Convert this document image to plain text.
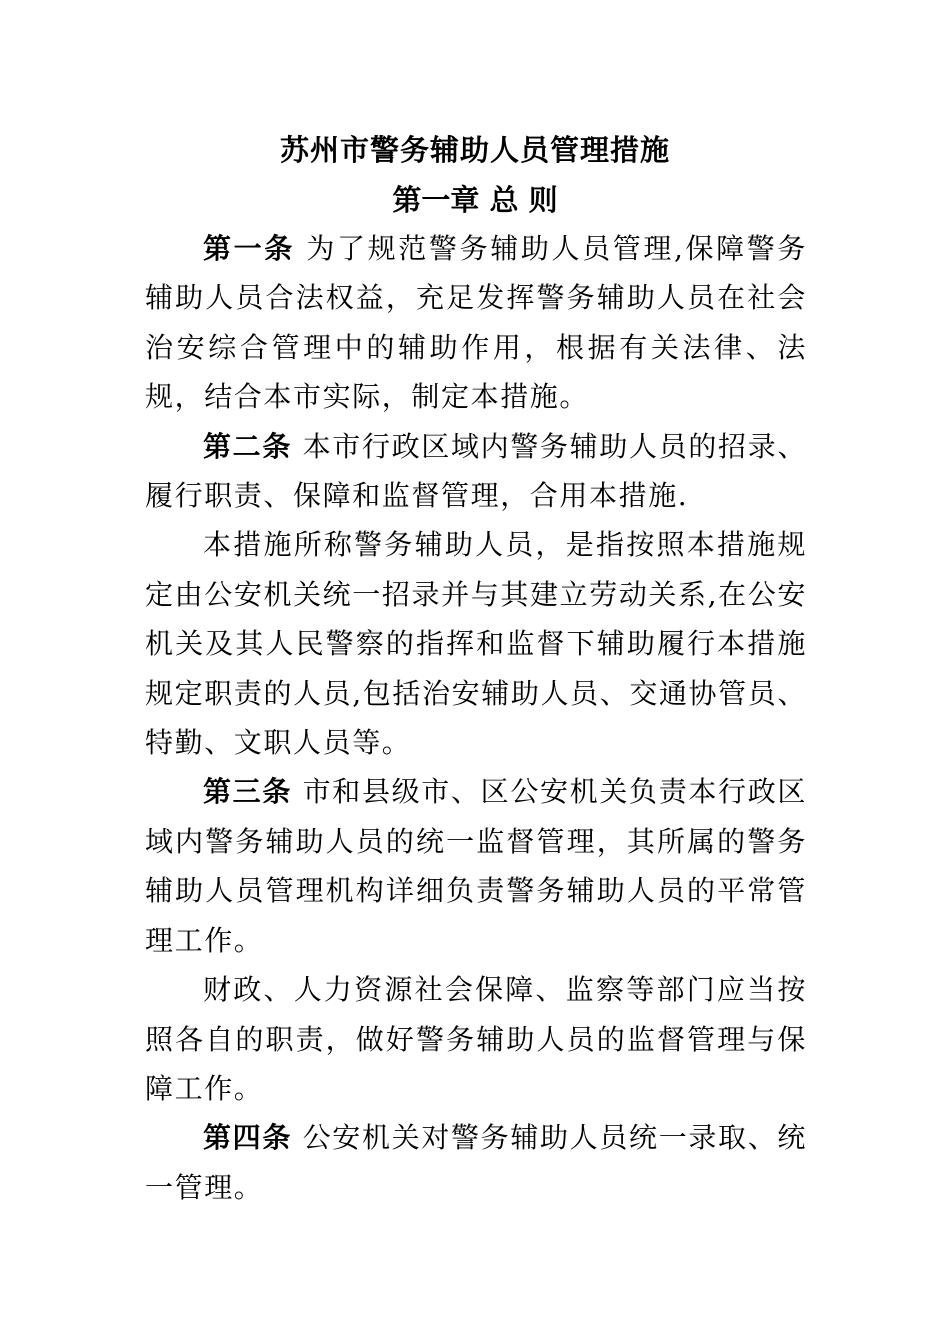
苏州市警务辅助人员管理措施
第一章 总 则

第一条 为了规范警务辅助人员管理,保障警务辅助人员合法权益，充足发挥警务辅助人员在社会治安综合管理中的辅助作用，根据有关法律、法规，结合本市实际，制定本措施。

第二条 本市行政区域内警务辅助人员的招录、履行职责、保障和监督管理，合用本措施.

本措施所称警务辅助人员，是指按照本措施规定由公安机关统一招录并与其建立劳动关系,在公安机关及其人民警察的指挥和监督下辅助履行本措施规定职责的人员,包括治安辅助人员、交通协管员、特勤、文职人员等。

第三条 市和县级市、区公安机关负责本行政区域内警务辅助人员的统一监督管理，其所属的警务辅助人员管理机构详细负责警务辅助人员的平常管理工作。

财政、人力资源社会保障、监察等部门应当按照各自的职责，做好警务辅助人员的监督管理与保障工作。

第四条 公安机关对警务辅助人员统一录取、统一管理。
